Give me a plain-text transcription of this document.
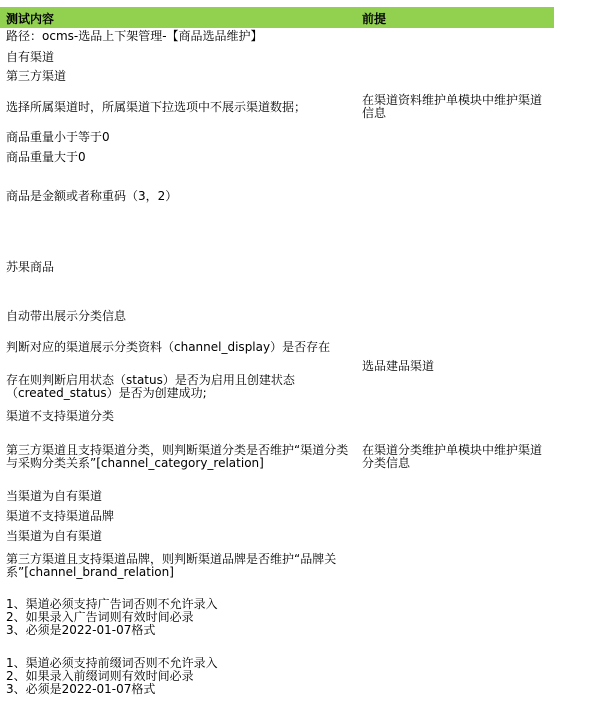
测试内容	前提
路径：ocms-选品上下架管理-【商品选品维护】
自有渠道
第三方渠道
选择所属渠道时，所属渠道下拉选项中不展示渠道数据；	在渠道资料维护单模块中维护渠道信息
商品重量小于等于0
商品重量大于0
商品是金额或者称重码（3，2）
苏果商品
自动带出展示分类信息
判断对应的渠道展示分类资料（channel_display）是否存在
选品建品渠道
存在则判断启用状态（status）是否为启用且创建状态（created_status）是否为创建成功;
渠道不支持渠道分类
第三方渠道且支持渠道分类，则判断渠道分类是否维护“渠道分类与采购分类关系”[channel_category_relation]
在渠道分类维护单模块中维护渠道分类信息
当渠道为自有渠道
渠道不支持渠道品牌
当渠道为自有渠道
第三方渠道且支持渠道品牌，则判断渠道品牌是否维护“品牌关系”[channel_brand_relation]
1、渠道必须支持广告词否则不允许录入
2、如果录入广告词则有效时间必录
3、必须是2022-01-07格式
1、渠道必须支持前缀词否则不允许录入
2、如果录入前缀词则有效时间必录
3、必须是2022-01-07格式
